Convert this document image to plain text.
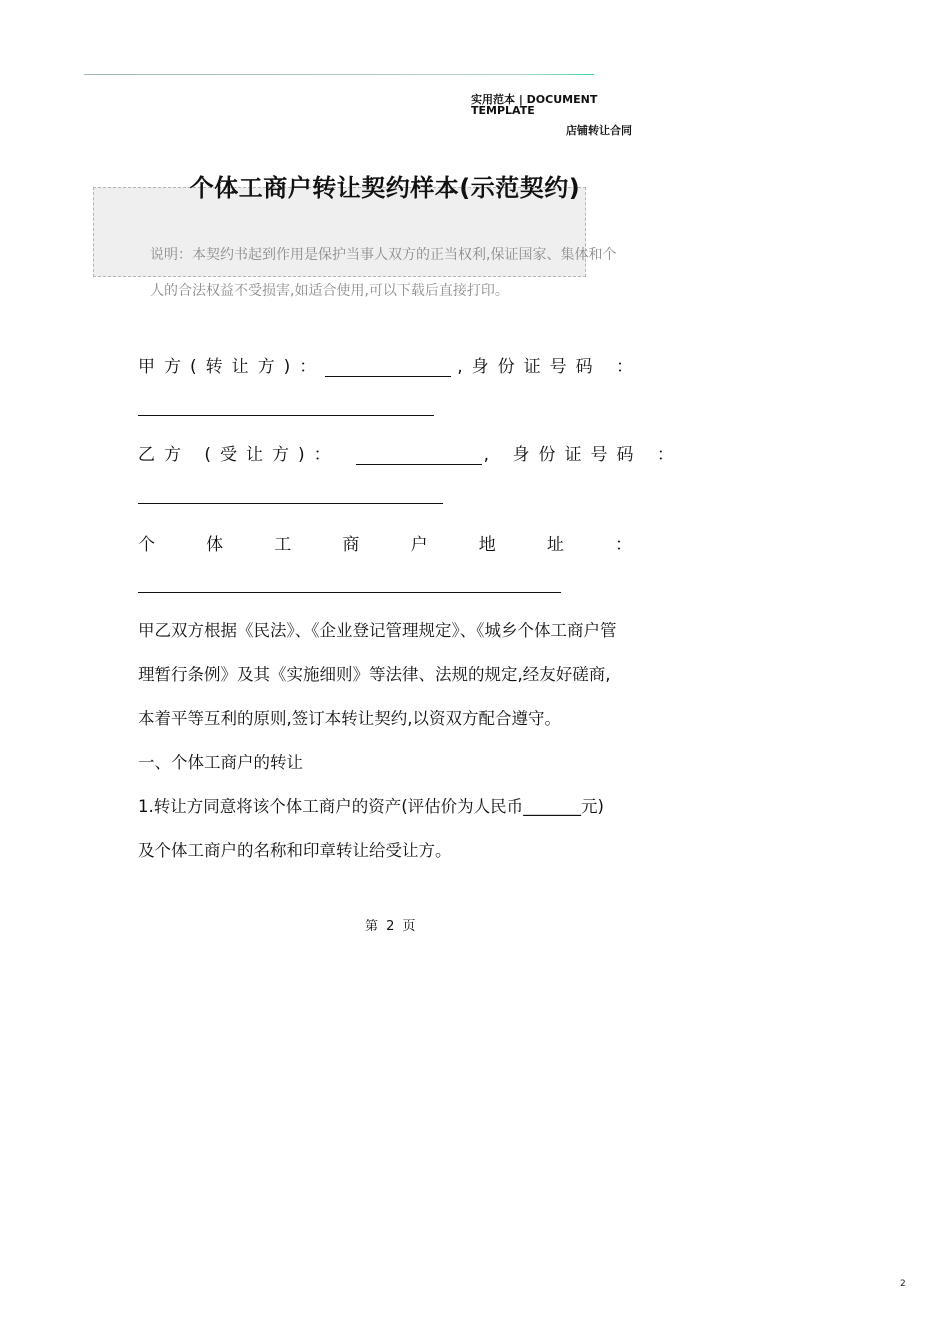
实用范本 | DOCUMENT TEMPLATE
店铺转让合同
个体工商户转让契约样本(示范契约)
说明：本契约书起到作用是保护当事人双方的正当权利,保证国家、集体和个
人的合法权益不受损害,如适合使用,可以下载后直接打印。
甲方(转让方)：	,身份证号码 ：
乙方 (受让方)：	, 身份证号码 ：
个	体	工	商	户	地	址	：
甲乙双方根据《民法》、《企业登记管理规定》、《城乡个体工商户管
理暂行条例》及其《实施细则》等法律、法规的规定,经友好磋商,
本着平等互利的原则,签订本转让契约,以资双方配合遵守。
一、个体工商户的转让
1.转让方同意将该个体工商户的资产(评估价为人民币_______元)
及个体工商户的名称和印章转让给受让方。
第 2 页
2
